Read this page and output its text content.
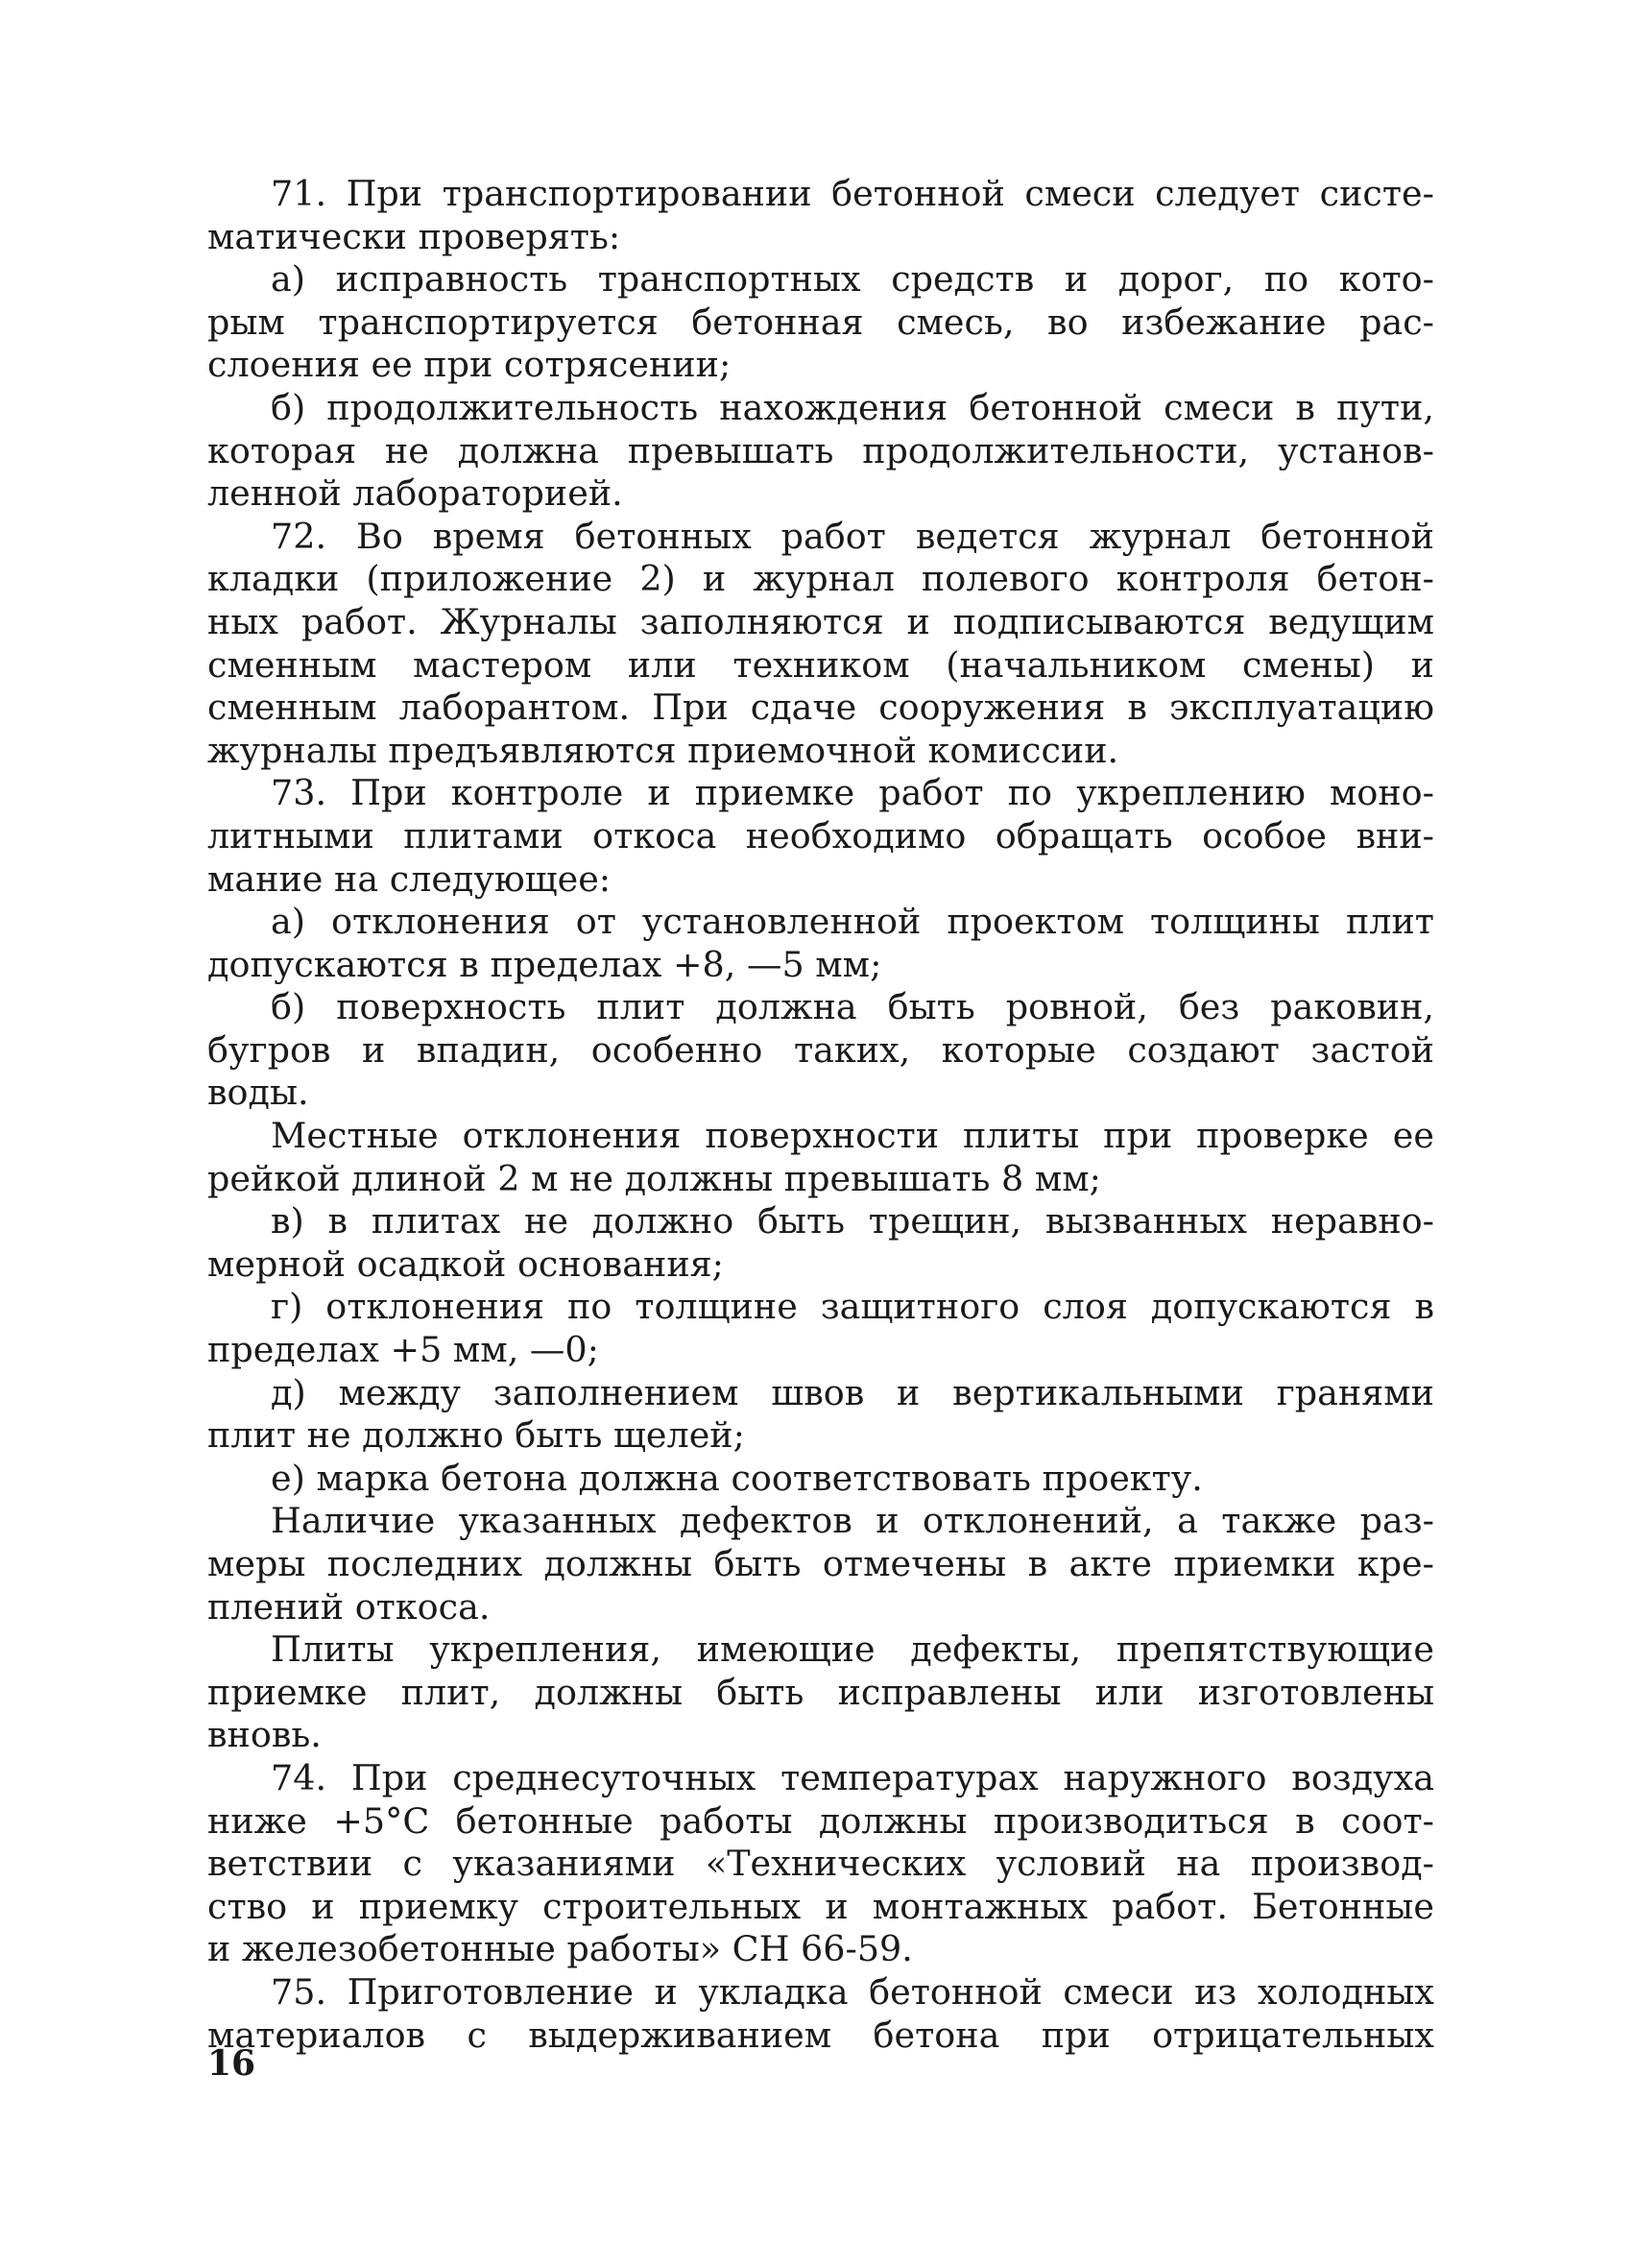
71. При транспортировании бетонной смеси следует систе-
матически проверять:
а) исправность транспортных средств и дорог, по кото-
рым транспортируется бетонная смесь, во избежание рас-
слоения ее при сотрясении;
б) продолжительность нахождения бетонной смеси в пути,
которая не должна превышать продолжительности, установ-
ленной лабораторией.
72. Во время бетонных работ ведется журнал бетонной
кладки (приложение 2) и журнал полевого контроля бетон-
ных работ. Журналы заполняются и подписываются ведущим
сменным мастером или техником (начальником смены) и
сменным лаборантом. При сдаче сооружения в эксплуатацию
журналы предъявляются приемочной комиссии.
73. При контроле и приемке работ по укреплению моно-
литными плитами откоса необходимо обращать особое вни-
мание на следующее:
а) отклонения от установленной проектом толщины плит
допускаются в пределах +8, —5 мм;
б) поверхность плит должна быть ровной, без раковин,
бугров и впадин, особенно таких, которые создают застой
воды.
Местные отклонения поверхности плиты при проверке ее
рейкой длиной 2 м не должны превышать 8 мм;
в) в плитах не должно быть трещин, вызванных неравно-
мерной осадкой основания;
г) отклонения по толщине защитного слоя допускаются в
пределах +5 мм, —0;
д) между заполнением швов и вертикальными гранями
плит не должно быть щелей;
е) марка бетона должна соответствовать проекту.
Наличие указанных дефектов и отклонений, а также раз-
меры последних должны быть отмечены в акте приемки кре-
плений откоса.
Плиты укрепления, имеющие дефекты, препятствующие
приемке плит, должны быть исправлены или изготовлены
вновь.
74. При среднесуточных температурах наружного воздуха
ниже +5°С бетонные работы должны производиться в соот-
ветствии с указаниями «Технических условий на производ-
ство и приемку строительных и монтажных работ. Бетонные
и железобетонные работы» СН 66-59.
75. Приготовление и укладка бетонной смеси из холодных
материалов с выдерживанием бетона при отрицательных
16
